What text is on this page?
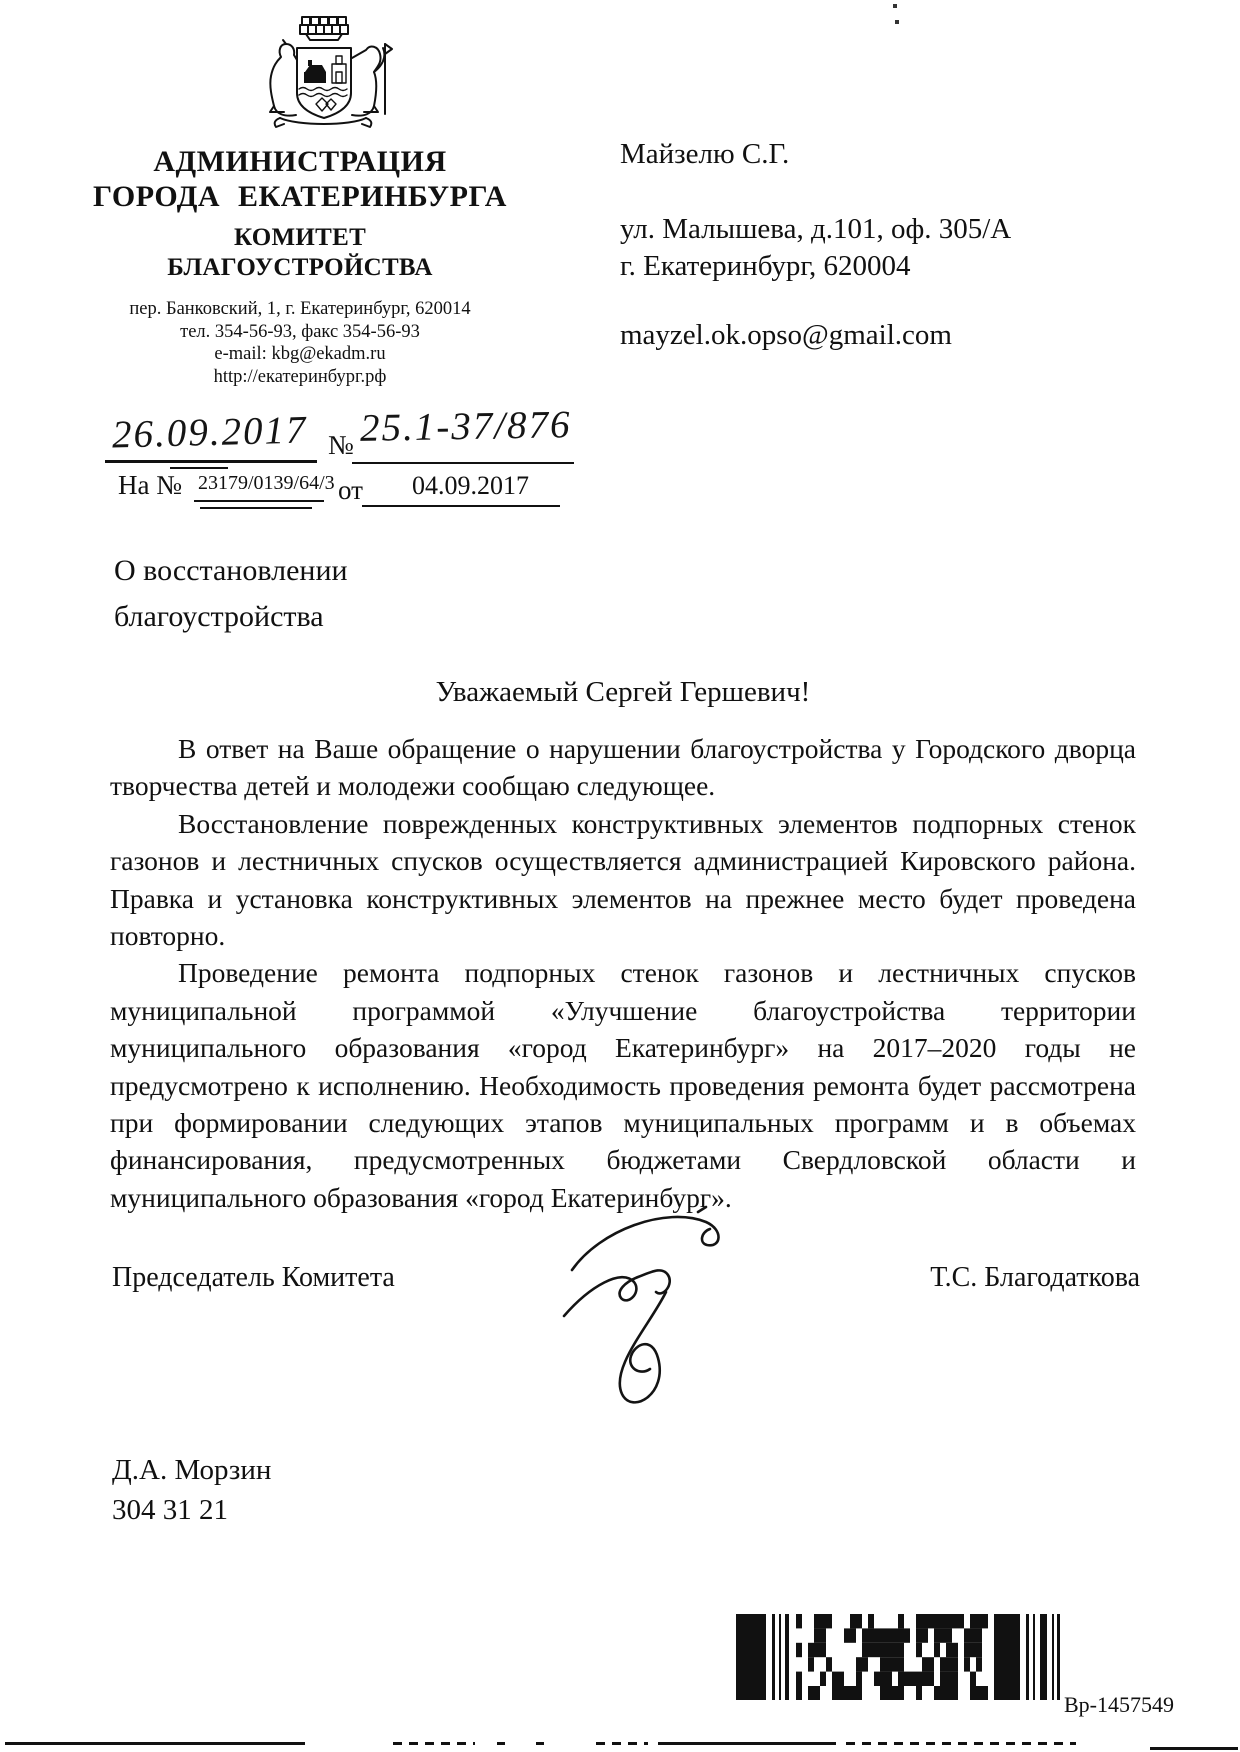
АДМИНИСТРАЦИЯ
ГОРОДА ЕКАТЕРИНБУРГА
КОМИТЕТ
БЛАГОУСТРОЙСТВА
пер. Банковский, 1, г. Екатеринбург, 620014
тел. 354-56-93, факс 354-56-93
e-mail: kbg@ekadm.ru
http://екатеринбург.рф
Майзелю С.Г.
ул. Малышева, д.101, оф. 305/А
г. Екатеринбург, 620004
mayzel.ok.opso@gmail.com
26.09.2017 № 25.1-37/876
На № 23179/0139/64/3 от 04.09.2017
О восстановлении
благоустройства
Уважаемый Сергей Гершевич!

В ответ на Ваше обращение о нарушении благоустройства у Городского дворца творчества детей и молодежи сообщаю следующее.

Восстановление поврежденных конструктивных элементов подпорных стенок газонов и лестничных спусков осуществляется администрацией Кировского района. Правка и установка конструктивных элементов на прежнее место будет проведена повторно.

Проведение ремонта подпорных стенок газонов и лестничных спусков муниципальной программой «Улучшение благоустройства территории муниципального образования «город Екатеринбург» на 2017–2020 годы не предусмотрено к исполнению. Необходимость проведения ремонта будет рассмотрена при формировании следующих этапов муниципальных программ и в объемах финансирования, предусмотренных бюджетами Свердловской области и муниципального образования «город Екатеринбург».

Председатель Комитета	Т.С. Благодаткова
Д.А. Морзин
304 31 21
Вр-1457549
